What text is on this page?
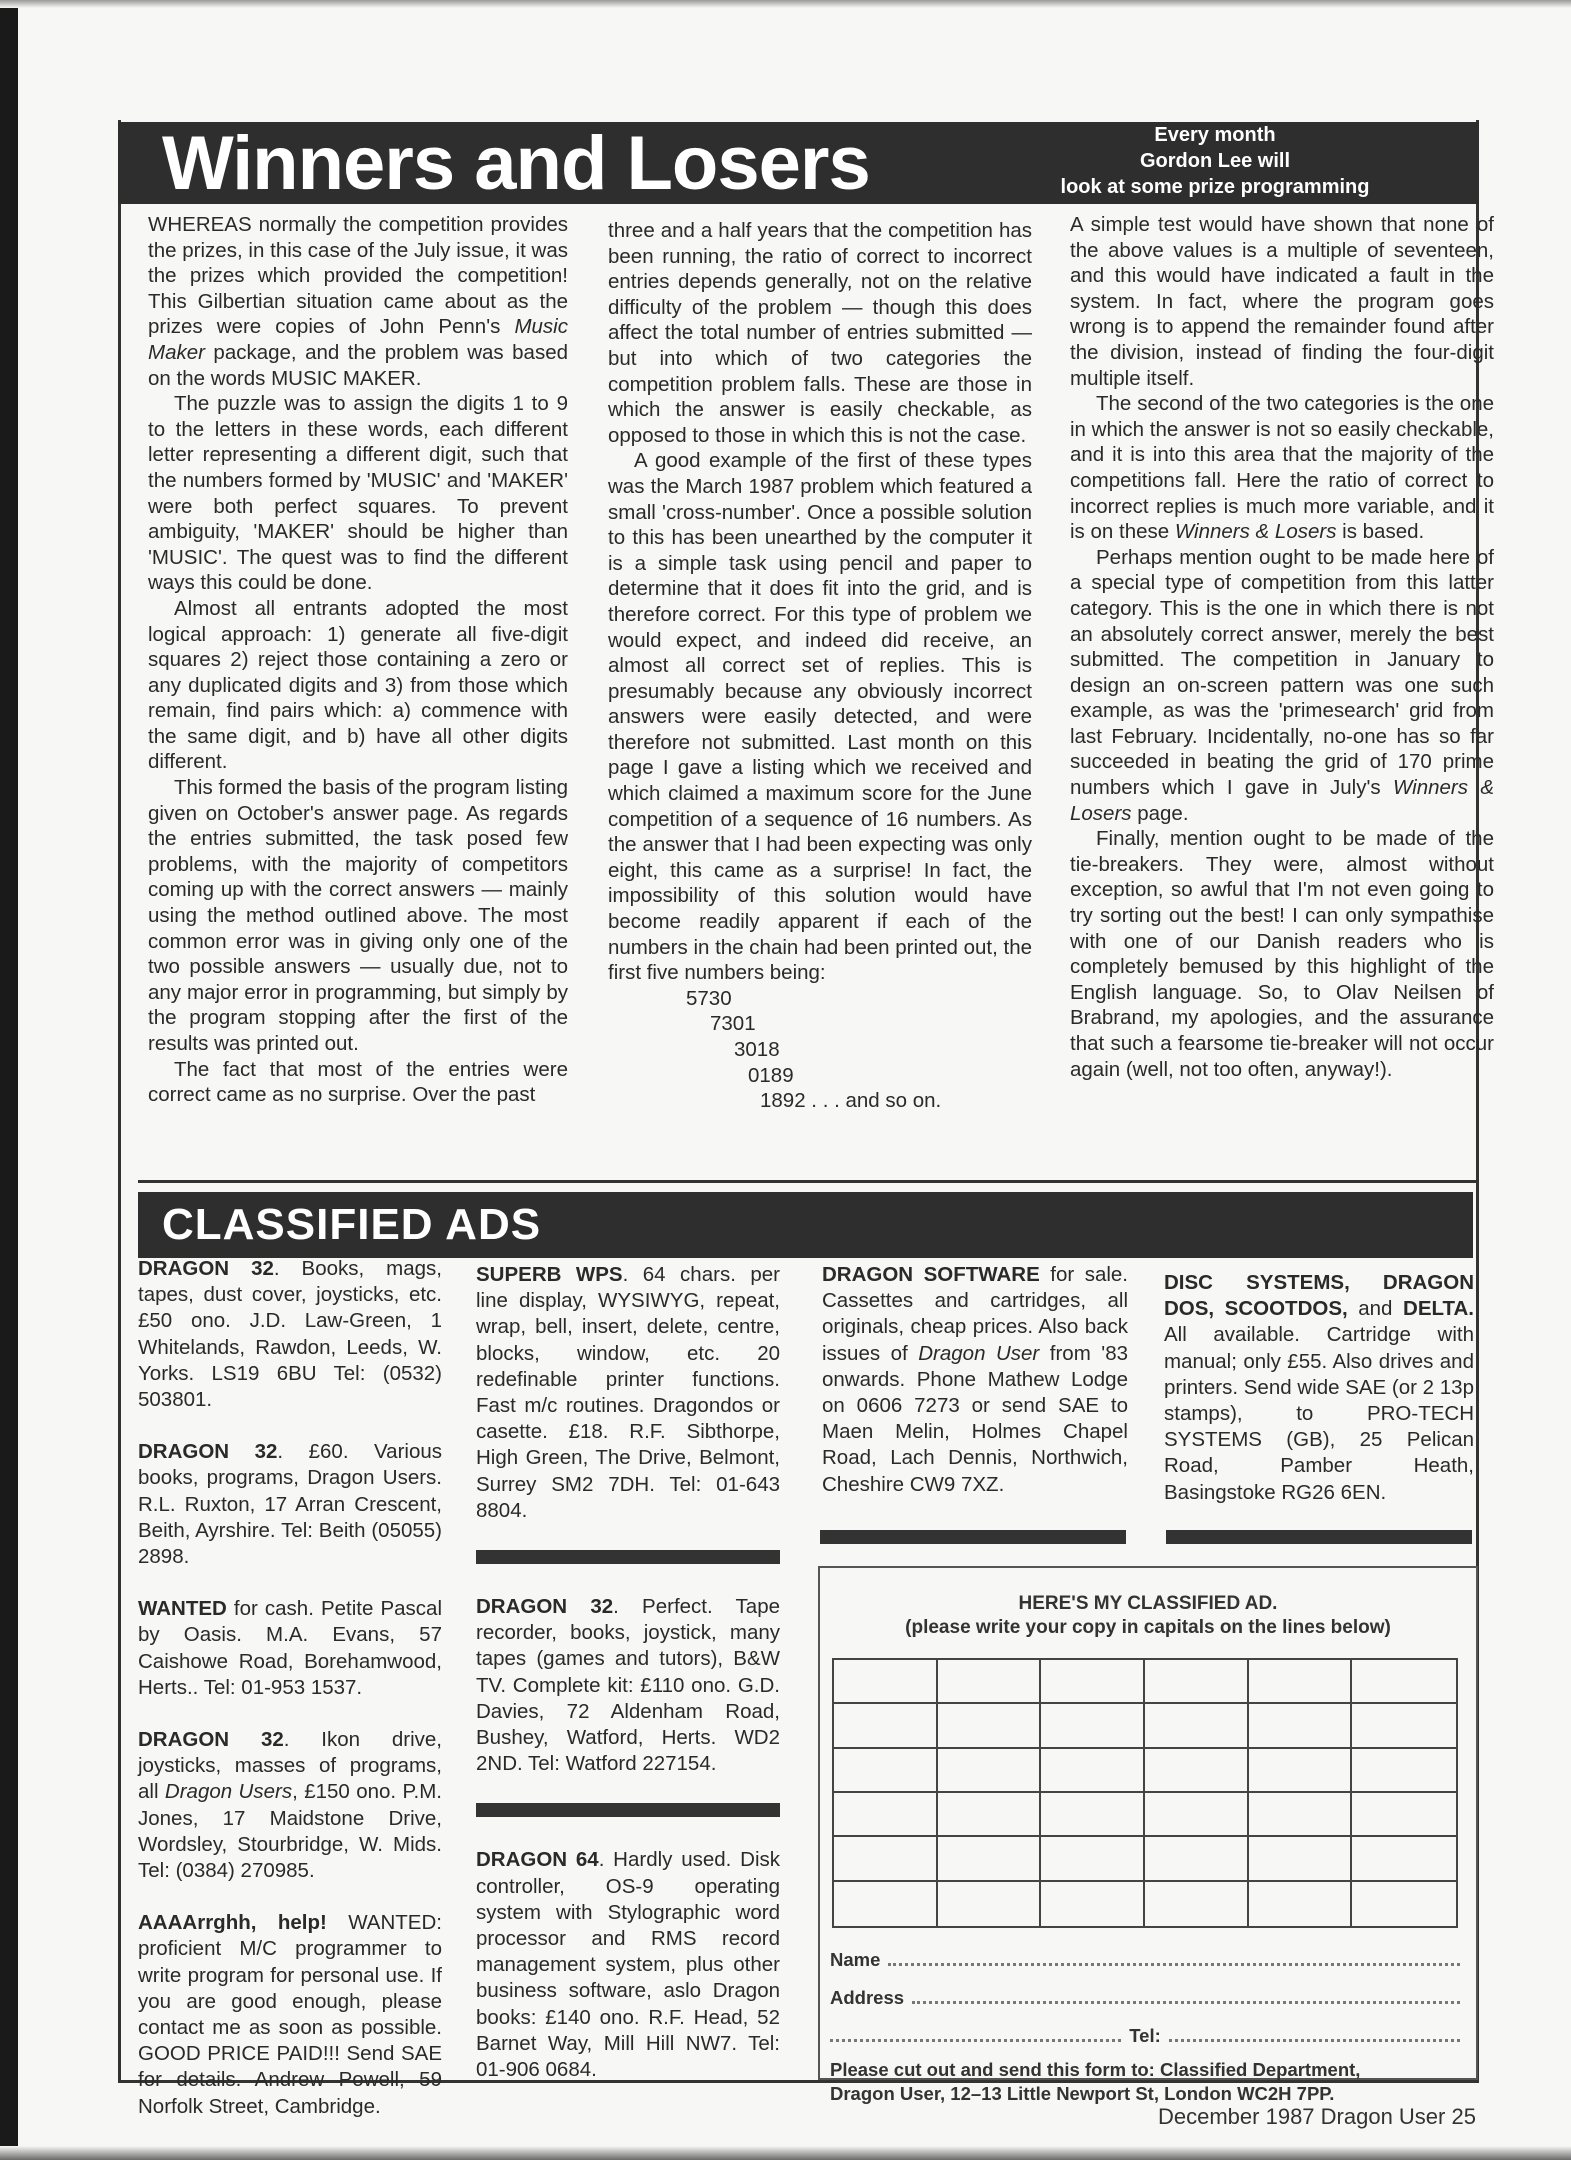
Winners and Losers	Every month
Gordon Lee will
look at some prize programming

WHEREAS normally the competition provides the prizes, in this case of the July issue, it was the prizes which provided the competition! This Gilbertian situation came about as the prizes were copies of John Penn's Music Maker package, and the problem was based on the words MUSIC MAKER.

The puzzle was to assign the digits 1 to 9 to the letters in these words, each different letter representing a different digit, such that the numbers formed by 'MUSIC' and 'MAKER' were both perfect squares. To prevent ambiguity, 'MAKER' should be higher than 'MUSIC'. The quest was to find the different ways this could be done.

Almost all entrants adopted the most logical approach: 1) generate all five-digit squares 2) reject those containing a zero or any duplicated digits and 3) from those which remain, find pairs which: a) commence with the same digit, and b) have all other digits different.

This formed the basis of the program listing given on October's answer page. As regards the entries submitted, the task posed few problems, with the majority of competitors coming up with the correct answers — mainly using the method outlined above. The most common error was in giving only one of the two possible answers — usually due, not to any major error in programming, but simply by the program stopping after the first of the results was printed out.

The fact that most of the entries were correct came as no surprise. Over the past

three and a half years that the competition has been running, the ratio of correct to incorrect entries depends generally, not on the relative difficulty of the problem — though this does affect the total number of entries submitted — but into which of two categories the competition problem falls. These are those in which the answer is easily checkable, as opposed to those in which this is not the case.

A good example of the first of these types was the March 1987 problem which featured a small 'cross-number'. Once a possible solution to this has been unearthed by the computer it is a simple task using pencil and paper to determine that it does fit into the grid, and is therefore correct. For this type of problem we would expect, and indeed did receive, an almost all correct set of replies. This is presumably because any obviously incorrect answers were easily detected, and were therefore not submitted. Last month on this page I gave a listing which we received and which claimed a maximum score for the June competition of a sequence of 16 numbers. As the answer that I had been expecting was only eight, this came as a surprise! In fact, the impossibility of this solution would have become readily apparent if each of the numbers in the chain had been printed out, the first five numbers being:

5730
7301
3018
0189
1892 . . . and so on.

A simple test would have shown that none of the above values is a multiple of seventeen, and this would have indicated a fault in the system. In fact, where the program goes wrong is to append the remainder found after the division, instead of finding the four-digit multiple itself.

The second of the two categories is the one in which the answer is not so easily checkable, and it is into this area that the majority of the competitions fall. Here the ratio of correct to incorrect replies is much more variable, and it is on these Winners & Losers is based.

Perhaps mention ought to be made here of a special type of competition from this latter category. This is the one in which there is not an absolutely correct answer, merely the best submitted. The competition in January to design an on-screen pattern was one such example, as was the 'primesearch' grid from last February. Incidentally, no-one has so far succeeded in beating the grid of 170 prime numbers which I gave in July's Winners & Losers page.

Finally, mention ought to be made of the tie-breakers. They were, almost without exception, so awful that I'm not even going to try sorting out the best! I can only sympathise with one of our Danish readers who is completely bemused by this highlight of the English language. So, to Olav Neilsen of Brabrand, my apologies, and the assurance that such a fearsome tie-breaker will not occur again (well, not too often, anyway!).

CLASSIFIED ADS

DRAGON 32. Books, mags, tapes, dust cover, joysticks, etc. £50 ono. J.D. Law-Green, 1 Whitelands, Rawdon, Leeds, W. Yorks. LS19 6BU Tel: (0532) 503801.

DRAGON 32. £60. Various books, programs, Dragon Users. R.L. Ruxton, 17 Arran Crescent, Beith, Ayrshire. Tel: Beith (05055) 2898.

WANTED for cash. Petite Pascal by Oasis. M.A. Evans, 57 Caishowe Road, Borehamwood, Herts.. Tel: 01-953 1537.

DRAGON 32. Ikon drive, joysticks, masses of programs, all Dragon Users, £150 ono. P.M. Jones, 17 Maidstone Drive, Wordsley, Stourbridge, W. Mids. Tel: (0384) 270985.

AAAArrghh, help! WANTED: proficient M/C programmer to write program for personal use. If you are good enough, please contact me as soon as possible. GOOD PRICE PAID!!! Send SAE for details. Andrew Powell, 59 Norfolk Street, Cambridge.

SUPERB WPS. 64 chars. per line display, WYSIWYG, repeat, wrap, bell, insert, delete, centre, blocks, window, etc. 20 redefinable printer functions. Fast m/c routines. Dragondos or casette. £18. R.F. Sibthorpe, High Green, The Drive, Belmont, Surrey SM2 7DH. Tel: 01-643 8804.

DRAGON 32. Perfect. Tape recorder, books, joystick, many tapes (games and tutors), B&W TV. Complete kit: £110 ono. G.D. Davies, 72 Aldenham Road, Bushey, Watford, Herts. WD2 2ND. Tel: Watford 227154.

DRAGON 64. Hardly used. Disk controller, OS-9 operating system with Stylographic word processor and RMS record management system, plus other business software, aslo Dragon books: £140 ono. R.F. Head, 52 Barnet Way, Mill Hill NW7. Tel: 01-906 0684.

DRAGON SOFTWARE for sale. Cassettes and cartridges, all originals, cheap prices. Also back issues of Dragon User from '83 onwards. Phone Mathew Lodge on 0606 7273 or send SAE to Maen Melin, Holmes Chapel Road, Lach Dennis, Northwich, Cheshire CW9 7XZ.

DISC SYSTEMS, DRAGON DOS, SCOOTDOS, and DELTA. All available. Cartridge with manual; only £55. Also drives and printers. Send wide SAE (or 2 13p stamps), to PRO-TECH SYSTEMS (GB), 25 Pelican Road, Pamber Heath, Basingstoke RG26 6EN.

HERE'S MY CLASSIFIED AD.
(please write your copy in capitals on the lines below)
Name
Address
Tel:
Please cut out and send this form to: Classified Department,
Dragon User, 12–13 Little Newport St, London WC2H 7PP.
December 1987 Dragon User 25
